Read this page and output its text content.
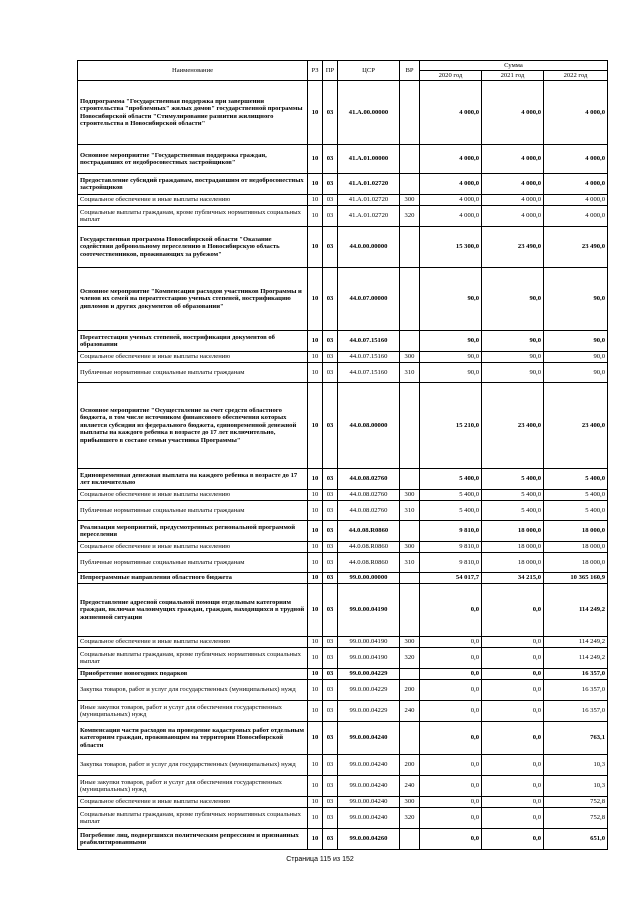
Наименование	РЗ	ПР	ЦСР	ВР	Сумма		
					2020 год	2021 год	2022 год
Подпрограмма "Государственная поддержка при завершении строительства "проблемных" жилых домов" государственной программы Новосибирской области "Стимулирование развития жилищного строительства в Новосибирской области"	10	03	41.А.00.00000		4 000,0	4 000,0	4 000,0
Основное мероприятие "Государственная поддержка граждан, пострадавших от недобросовестных застройщиков"	10	03	41.А.01.00000		4 000,0	4 000,0	4 000,0
Предоставление субсидий гражданам, пострадавшим от недобросовестных застройщиков	10	03	41.А.01.02720		4 000,0	4 000,0	4 000,0
Социальное обеспечение и иные выплаты населению	10	03	41.А.01.02720	300	4 000,0	4 000,0	4 000,0
Социальные выплаты гражданам, кроме публичных нормативных социальных выплат	10	03	41.А.01.02720	320	4 000,0	4 000,0	4 000,0
Государственная программа Новосибирской области "Оказание содействия добровольному переселению в Новосибирскую область соотечественников, проживающих за рубежом"	10	03	44.0.00.00000		15 300,0	23 490,0	23 490,0
Основное мероприятие "Компенсация расходов участников Программы и членов их семей на переаттестацию ученых степеней, нострификацию дипломов и других документов об образовании"	10	03	44.0.07.00000		90,0	90,0	90,0
Переаттестация ученых степеней, нострификация документов об образовании	10	03	44.0.07.15160		90,0	90,0	90,0
Социальное обеспечение и иные выплаты населению	10	03	44.0.07.15160	300	90,0	90,0	90,0
Публичные нормативные социальные выплаты гражданам	10	03	44.0.07.15160	310	90,0	90,0	90,0
Основное мероприятие "Осуществление за счет средств областного бюджета, в том числе источником финансового обеспечения которых является субсидия из федерального бюджета, единовременной денежной выплаты на каждого ребенка в возрасте до 17 лет включительно, прибывшего в составе семьи участника Программы"	10	03	44.0.08.00000		15 210,0	23 400,0	23 400,0
Единовременная денежная выплата на каждого ребенка в возрасте до 17 лет включительно	10	03	44.0.08.02760		5 400,0	5 400,0	5 400,0
Социальное обеспечение и иные выплаты населению	10	03	44.0.08.02760	300	5 400,0	5 400,0	5 400,0
Публичные нормативные социальные выплаты гражданам	10	03	44.0.08.02760	310	5 400,0	5 400,0	5 400,0
Реализация мероприятий, предусмотренных региональной программой переселения	10	03	44.0.08.R0860		9 810,0	18 000,0	18 000,0
Социальное обеспечение и иные выплаты населению	10	03	44.0.08.R0860	300	9 810,0	18 000,0	18 000,0
Публичные нормативные социальные выплаты гражданам	10	03	44.0.08.R0860	310	9 810,0	18 000,0	18 000,0
Непрограммные направления областного бюджета	10	03	99.0.00.00000		54 017,7	34 215,0	10 365 160,9
Предоставление адресной социальной помощи отдельным категориям граждан, включая малоимущих граждан, граждан, находящихся в трудной жизненной ситуации	10	03	99.0.00.04190		0,0	0,0	114 249,2
Социальное обеспечение и иные выплаты населению	10	03	99.0.00.04190	300	0,0	0,0	114 249,2
Социальные выплаты гражданам, кроме публичных нормативных социальных выплат	10	03	99.0.00.04190	320	0,0	0,0	114 249,2
Приобретение новогодних подарков	10	03	99.0.00.04229		0,0	0,0	16 357,0
Закупка товаров, работ и услуг для государственных (муниципальных) нужд	10	03	99.0.00.04229	200	0,0	0,0	16 357,0
Иные закупки товаров, работ и услуг для обеспечения государственных (муниципальных) нужд	10	03	99.0.00.04229	240	0,0	0,0	16 357,0
Компенсация части расходов на проведение кадастровых работ отдельным категориям граждан, проживающим на территории Новосибирской области	10	03	99.0.00.04240		0,0	0,0	763,1
Закупка товаров, работ и услуг для государственных (муниципальных) нужд	10	03	99.0.00.04240	200	0,0	0,0	10,3
Иные закупки товаров, работ и услуг для обеспечения государственных (муниципальных) нужд	10	03	99.0.00.04240	240	0,0	0,0	10,3
Социальное обеспечение и иные выплаты населению	10	03	99.0.00.04240	300	0,0	0,0	752,8
Социальные выплаты гражданам, кроме публичных нормативных социальных выплат	10	03	99.0.00.04240	320	0,0	0,0	752,8
Погребение лиц, подвергшихся политическим репрессиям и признанных реабилитированными	10	03	99.0.00.04260		0,0	0,0	651,0
Страница 115 из 152
